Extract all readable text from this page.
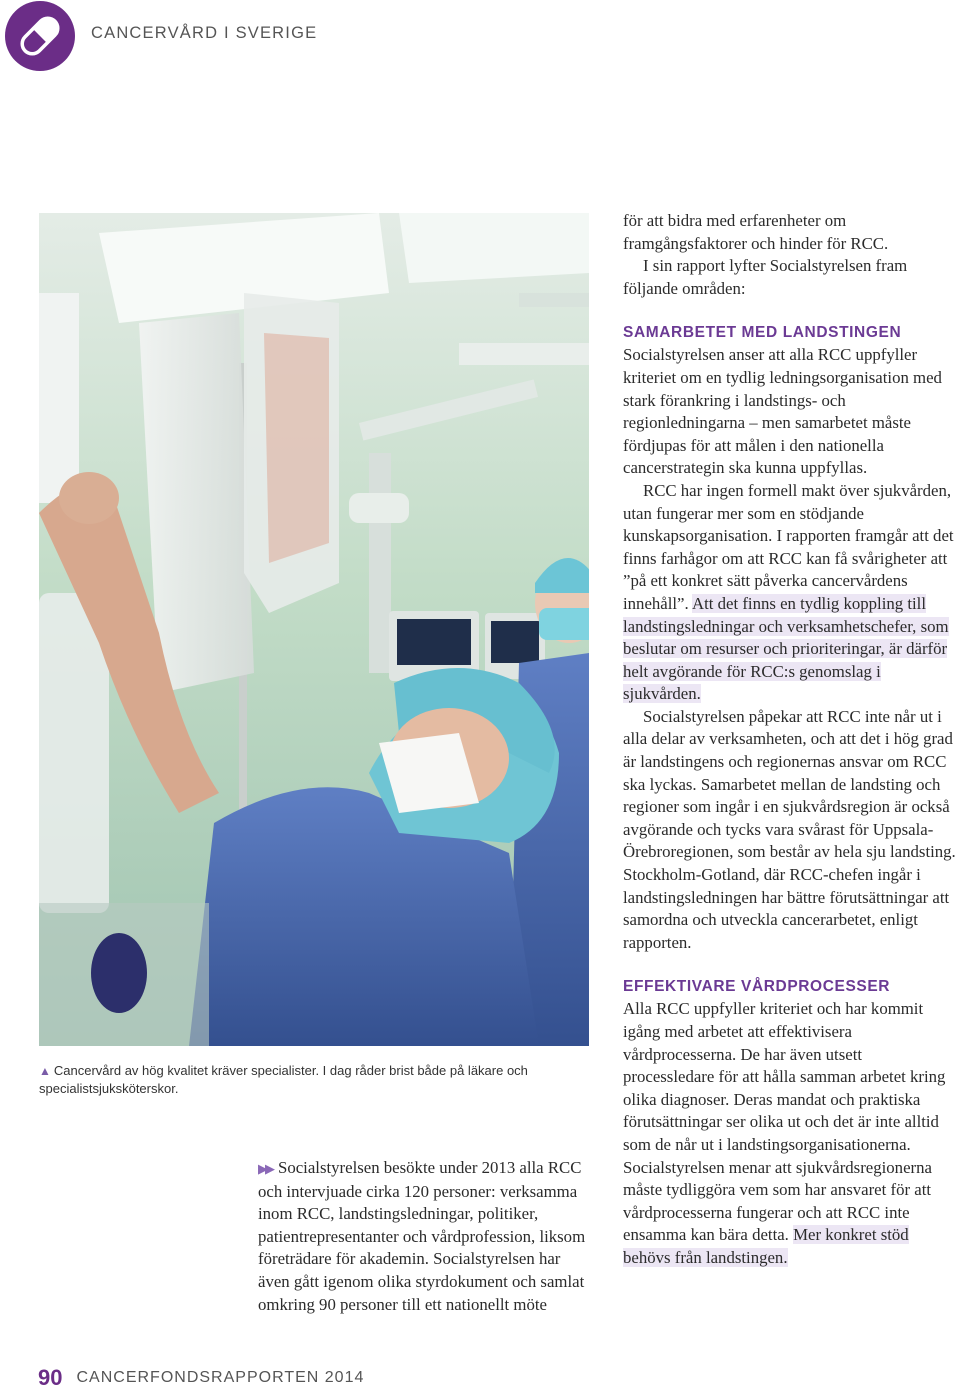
CANCERVÅRD I SVERIGE
▲ Cancervård av hög kvalitet kräver specialister. I dag råder brist både på läkare och specialistsjuksköterskor.

▶▶ Socialstyrelsen besökte under 2013 alla RCC och intervjuade cirka 120 personer: verksamma inom RCC, landstingsledningar, politiker, patientrepresentanter och vårdprofession, liksom företrädare för akademin. Socialstyrelsen har även gått igenom olika styrdokument och samlat omkring 90 personer till ett nationellt möte

för att bidra med erfarenheter om framgångsfaktorer och hinder för RCC.

I sin rapport lyfter Socialstyrelsen fram följande områden:

SAMARBETET MED LANDSTINGEN

Socialstyrelsen anser att alla RCC uppfyller kriteriet om en tydlig ledningsorganisation med stark förankring i landstings- och regionledningarna – men samarbetet måste fördjupas för att målen i den nationella cancerstrategin ska kunna uppfyllas.

RCC har ingen formell makt över sjukvården, utan fungerar mer som en stödjande kunskapsorganisation. I rapporten framgår att det finns farhågor om att RCC kan få svårigheter att ”på ett konkret sätt påverka cancervårdens innehåll”. Att det finns en tydlig koppling till landstingsledningar och verksamhetschefer, som beslutar om resurser och prioriteringar, är därför helt avgörande för RCC:s genomslag i sjukvården.

Socialstyrelsen påpekar att RCC inte når ut i alla delar av verksamheten, och att det i hög grad är landstingens och regionernas ansvar om RCC ska lyckas. Samarbetet mellan de landsting och regioner som ingår i en sjukvårdsregion är också avgörande och tycks vara svårast för Uppsala-Örebroregionen, som består av hela sju landsting. Stockholm-Gotland, där RCC-chefen ingår i landstingsledningen har bättre förutsättningar att samordna och utveckla cancerarbetet, enligt rapporten.

EFFEKTIVARE VÅRDPROCESSER

Alla RCC uppfyller kriteriet och har kommit igång med arbetet att effektivisera vårdprocesserna. De har även utsett processledare för att hålla samman arbetet kring olika diagnoser. Deras mandat och praktiska förutsättningar ser olika ut och det är inte alltid som de når ut i landstingsorganisationerna. Socialstyrelsen menar att sjukvårdsregionerna måste tydliggöra vem som har ansvaret för att vårdprocesserna fungerar och att RCC inte ensamma kan bära detta. Mer konkret stöd behövs från landstingen.

90 CANCERFONDSRAPPORTEN 2014
